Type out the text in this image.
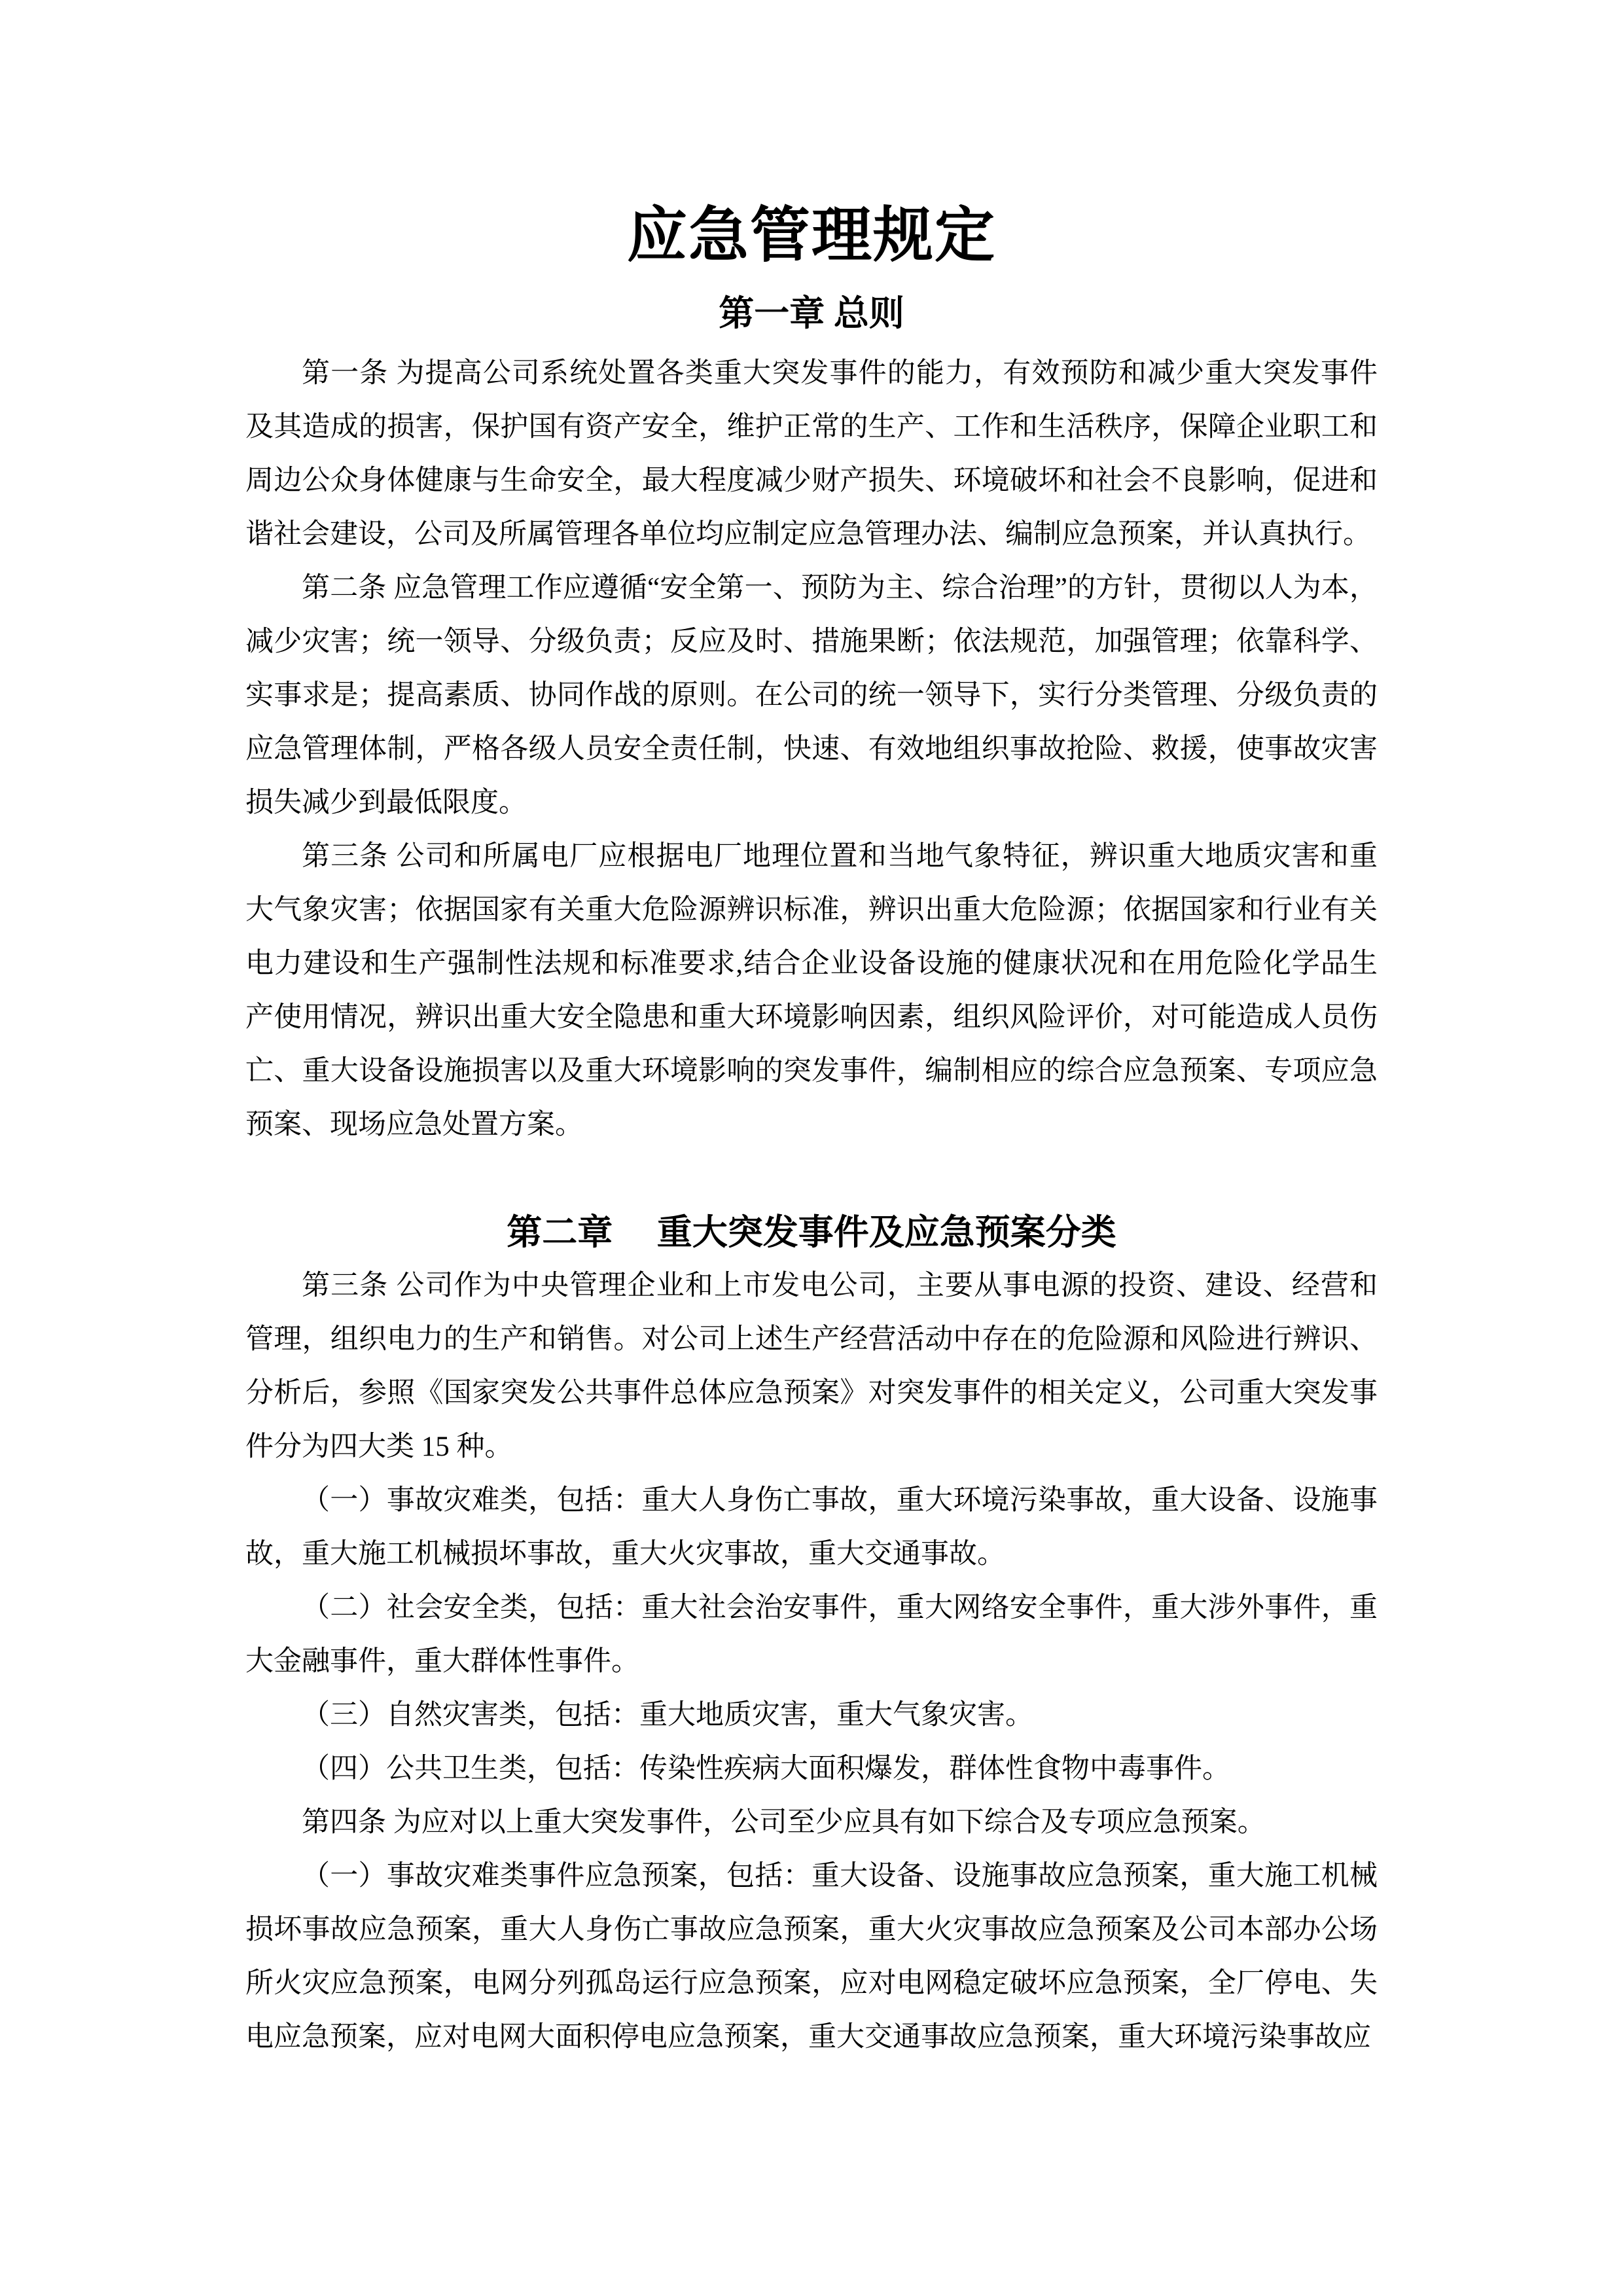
应急管理规定
第一章 总则

第一条 为提高公司系统处置各类重大突发事件的能力，有效预防和减少重大突发事件及其造成的损害，保护国有资产安全，维护正常的生产、工作和生活秩序，保障企业职工和周边公众身体健康与生命安全，最大程度减少财产损失、环境破坏和社会不良影响，促进和谐社会建设，公司及所属管理各单位均应制定应急管理办法、编制应急预案，并认真执行。

第二条 应急管理工作应遵循“安全第一、预防为主、综合治理”的方针，贯彻以人为本，减少灾害；统一领导、分级负责；反应及时、措施果断；依法规范，加强管理；依靠科学、实事求是；提高素质、协同作战的原则。在公司的统一领导下，实行分类管理、分级负责的应急管理体制，严格各级人员安全责任制，快速、有效地组织事故抢险、救援，使事故灾害损失减少到最低限度。

第三条 公司和所属电厂应根据电厂地理位置和当地气象特征，辨识重大地质灾害和重大气象灾害；依据国家有关重大危险源辨识标准，辨识出重大危险源；依据国家和行业有关电力建设和生产强制性法规和标准要求,结合企业设备设施的健康状况和在用危险化学品生产使用情况，辨识出重大安全隐患和重大环境影响因素，组织风险评价，对可能造成人员伤亡、重大设备设施损害以及重大环境影响的突发事件，编制相应的综合应急预案、专项应急预案、现场应急处置方案。

第二章　 重大突发事件及应急预案分类

第三条 公司作为中央管理企业和上市发电公司，主要从事电源的投资、建设、经营和管理，组织电力的生产和销售。对公司上述生产经营活动中存在的危险源和风险进行辨识、分析后，参照《国家突发公共事件总体应急预案》对突发事件的相关定义，公司重大突发事件分为四大类 15 种。

（一）事故灾难类，包括：重大人身伤亡事故，重大环境污染事故，重大设备、设施事故，重大施工机械损坏事故，重大火灾事故，重大交通事故。

（二）社会安全类，包括：重大社会治安事件，重大网络安全事件，重大涉外事件，重大金融事件，重大群体性事件。

（三）自然灾害类，包括：重大地质灾害，重大气象灾害。

（四）公共卫生类，包括：传染性疾病大面积爆发，群体性食物中毒事件。

第四条 为应对以上重大突发事件，公司至少应具有如下综合及专项应急预案。

（一）事故灾难类事件应急预案，包括：重大设备、设施事故应急预案，重大施工机械损坏事故应急预案，重大人身伤亡事故应急预案，重大火灾事故应急预案及公司本部办公场所火灾应急预案，电网分列孤岛运行应急预案，应对电网稳定破坏应急预案，全厂停电、失电应急预案，应对电网大面积停电应急预案，重大交通事故应急预案，重大环境污染事故应
